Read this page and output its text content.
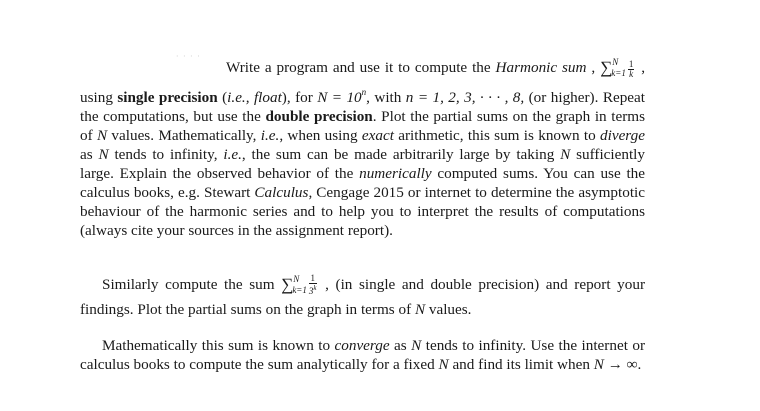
· · · ·

Write a program and use it to compute the Harmonic sum , $\sum^N_{k=1} \frac{1}{k}$ , using single precision (i.e., float), for $N = 10^n$, with n = 1, 2, 3, · · · , 8, (or higher). Repeat the computations, but use the double precision. Plot the partial sums on the graph in terms of N values. Mathematically, i.e., when using exact arithmetic, this sum is known to diverge as N tends to infinity, i.e., the sum can be made arbitrarily large by taking N sufficiently large. Explain the observed behavior of the numerically computed sums. You can use the calculus books, e.g. Stewart Calculus, Cengage 2015 or internet to determine the asymptotic behaviour of the harmonic series and to help you to interpret the results of computations (always cite your sources in the assignment report).

Similarly compute the sum $\sum^N_{k=1} \frac{1}{3^k}$ , (in single and double precision) and report your findings. Plot the partial sums on the graph in terms of N values.

Mathematically this sum is known to converge as N tends to infinity. Use the internet or calculus books to compute the sum analytically for a fixed N and find its limit when N → ∞.
